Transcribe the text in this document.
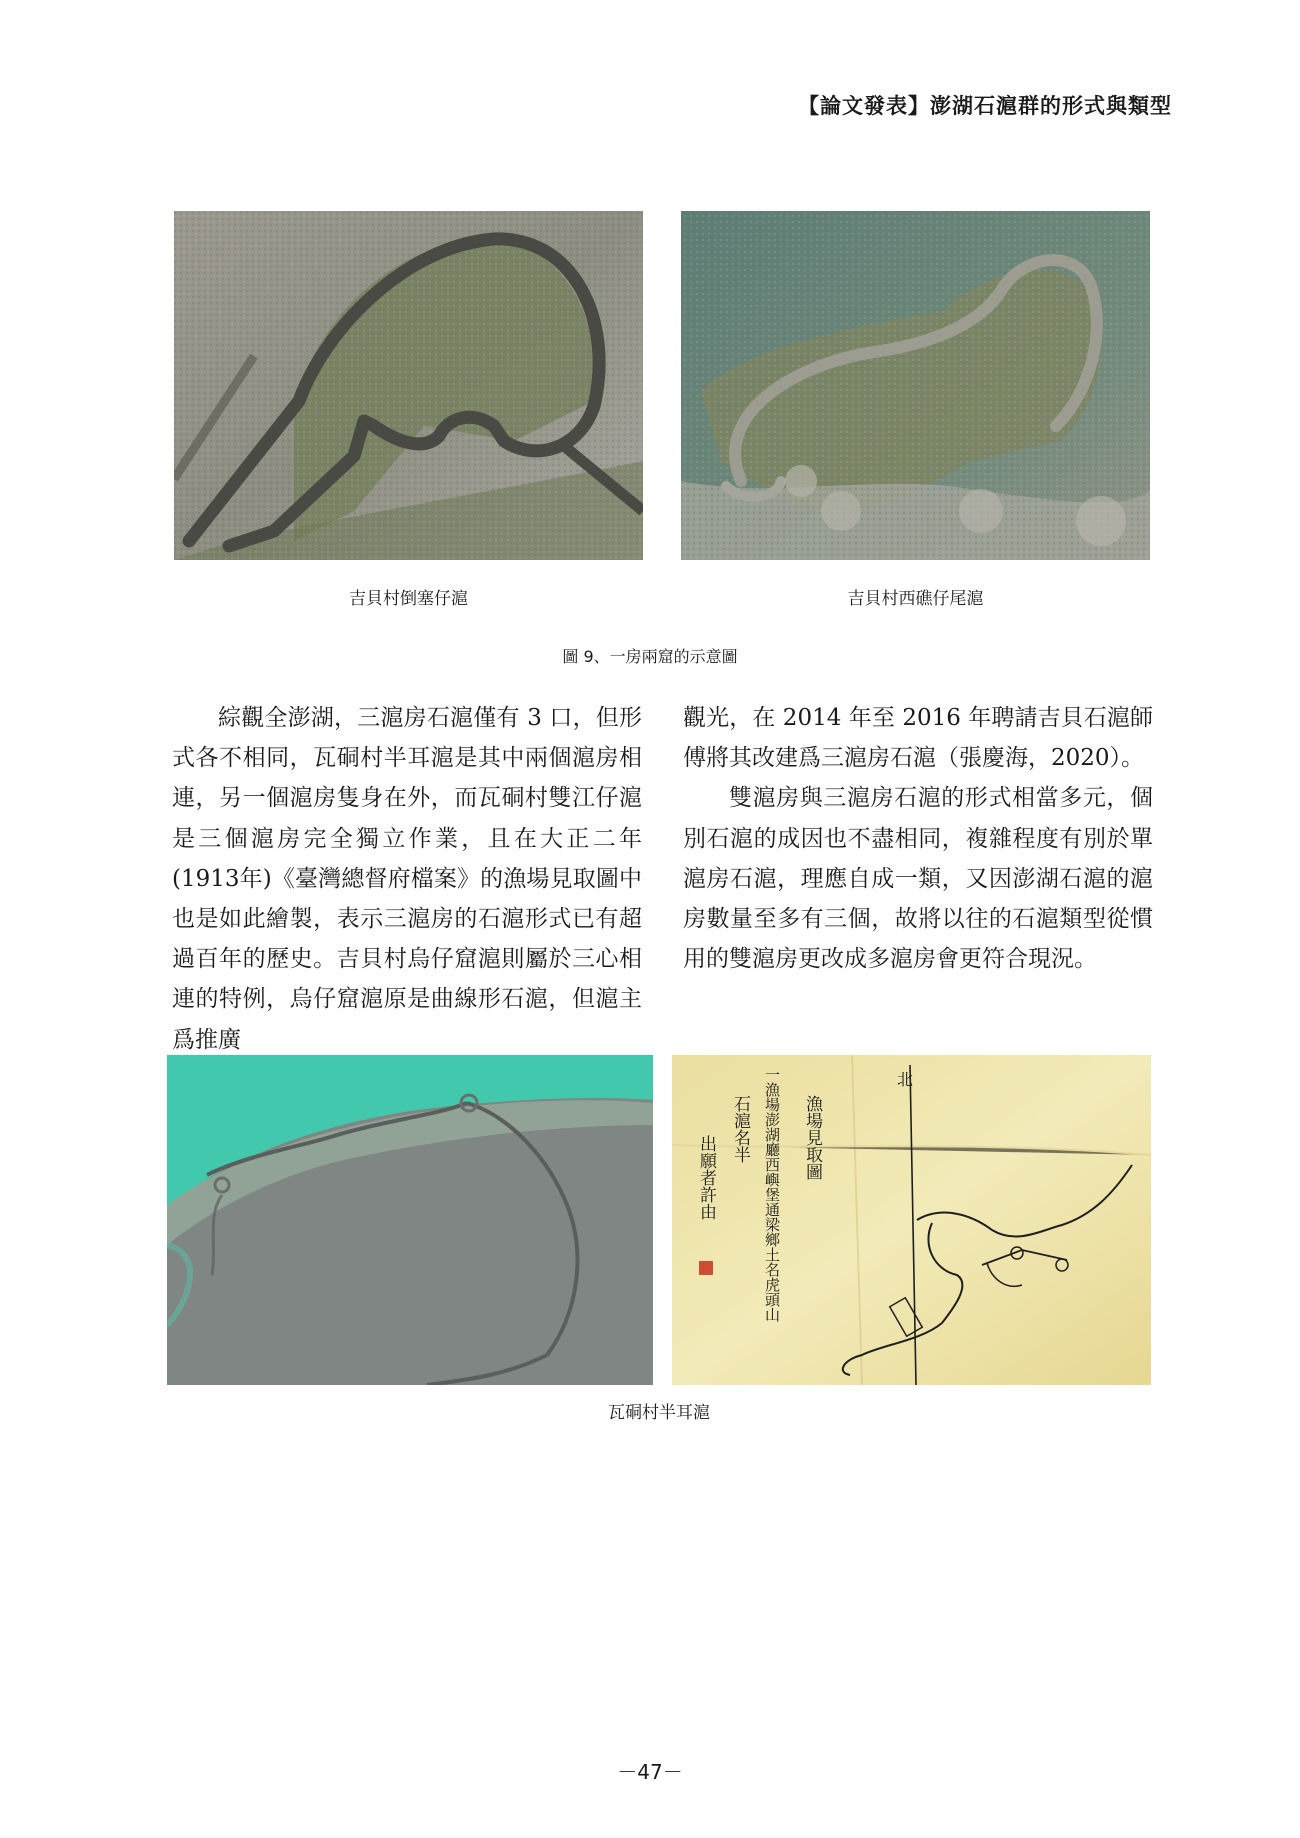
【論文發表】澎湖石滬群的形式與類型
吉貝村倒塞仔滬	吉貝村西礁仔尾滬
圖 9、一房兩窟的示意圖

綜觀全澎湖，三滬房石滬僅有 3 口，但形式各不相同，瓦硐村半耳滬是其中兩個滬房相連，另一個滬房隻身在外，而瓦硐村雙江仔滬是三個滬房完全獨立作業，且在大正二年(1913年)《臺灣總督府檔案》的漁場見取圖中也是如此繪製，表示三滬房的石滬形式已有超過百年的歷史。吉貝村烏仔窟滬則屬於三心相連的特例，烏仔窟滬原是曲線形石滬，但滬主爲推廣

觀光，在 2014 年至 2016 年聘請吉貝石滬師傅將其改建爲三滬房石滬（張慶海，2020）。

雙滬房與三滬房石滬的形式相當多元，個別石滬的成因也不盡相同，複雜程度有別於單滬房石滬，理應自成一類，又因澎湖石滬的滬房數量至多有三個，故將以往的石滬類型從慣用的雙滬房更改成多滬房會更符合現況。

一漁場澎湖廳西嶼堡通梁鄉土名虎頭山 漁場見取圖
石滬名半
出願者許由
北
瓦硐村半耳滬
－47－
